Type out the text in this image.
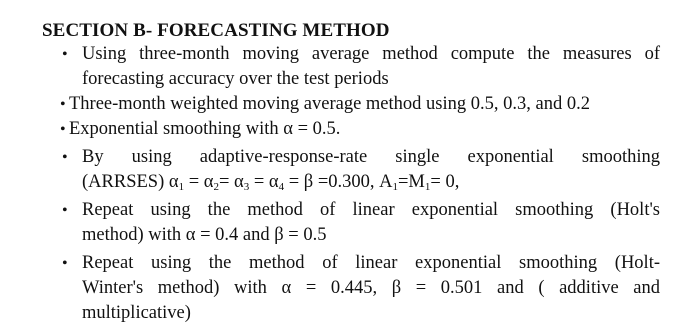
SECTION B- FORECASTING METHOD
• Using three-month moving average method compute the measures of
forecasting accuracy over the test periods
• Three-month weighted moving average method using 0.5, 0.3, and 0.2
• Exponential smoothing with α = 0.5.
• By using adaptive-response-rate single exponential smoothing
(ARRSES) $\alpha_1 = \alpha_2= \alpha_3 = \alpha_4 = \beta =0.300$, $A_1=M_1= 0$,
• Repeat using the method of linear exponential smoothing (Holt's
method) with α = 0.4 and β = 0.5
• Repeat using the method of linear exponential smoothing (Holt-
Winter's method) with α = 0.445, β = 0.501 and ( additive and
multiplicative)
